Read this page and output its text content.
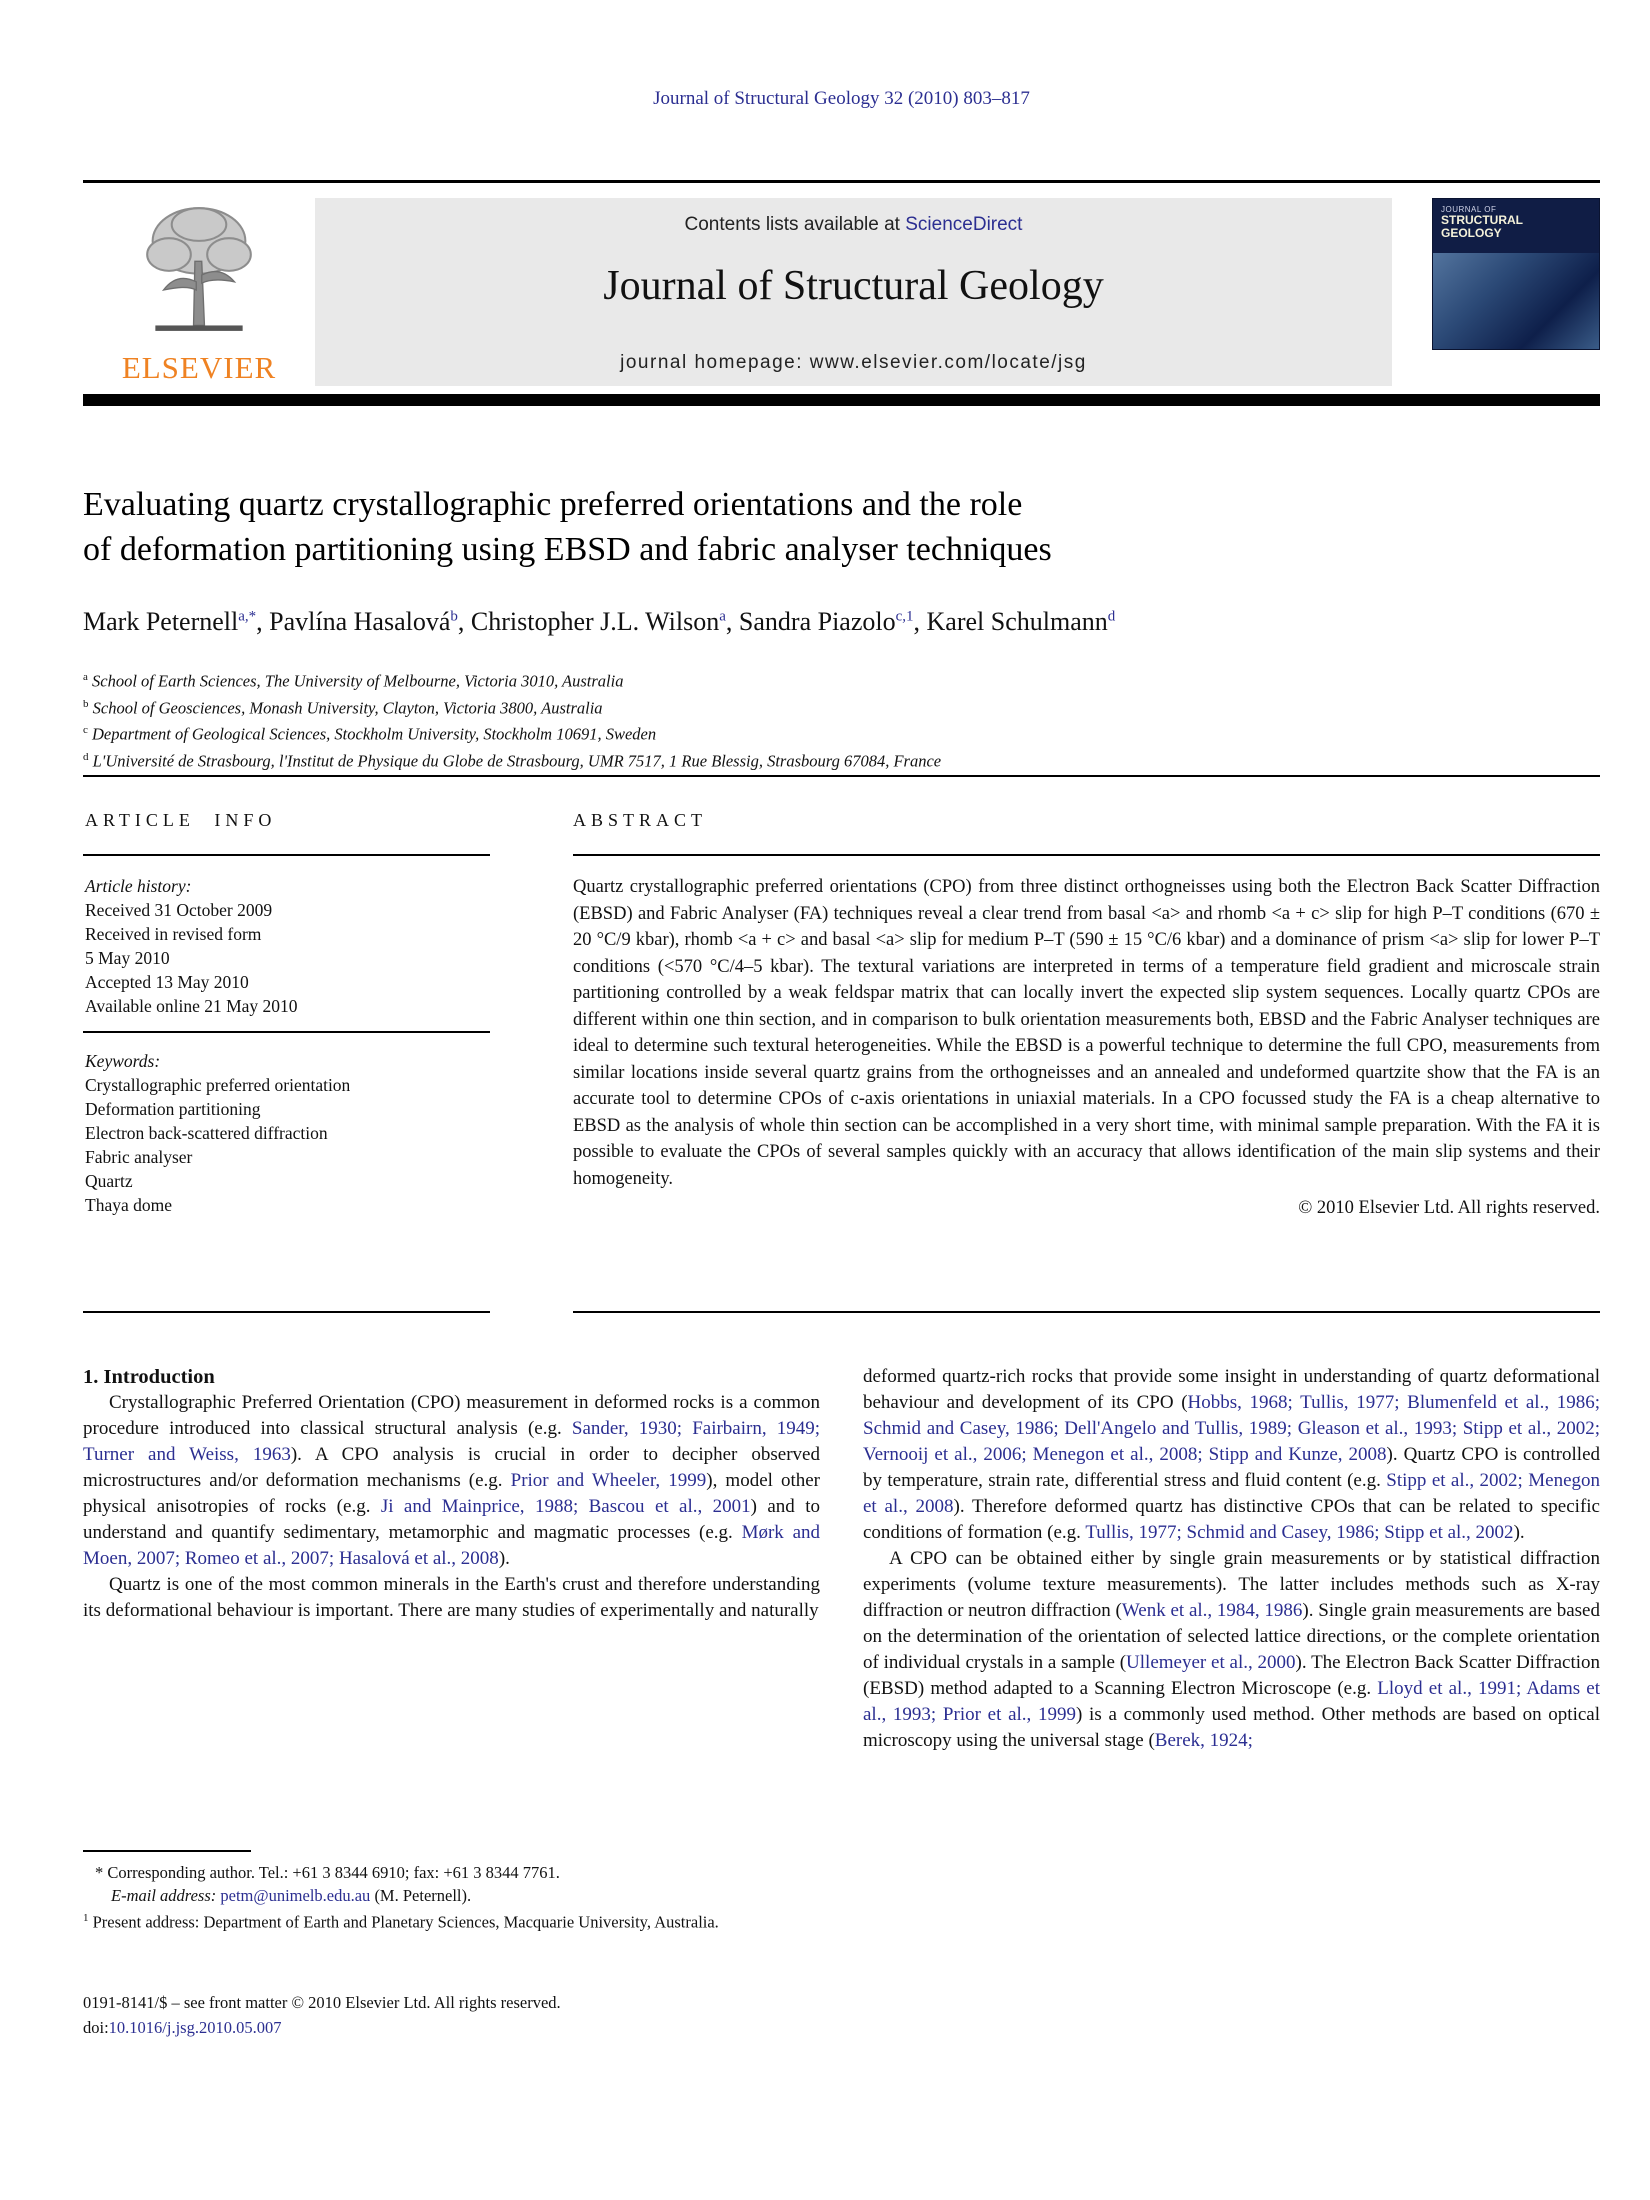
Journal of Structural Geology 32 (2010) 803–817
ELSEVIER
Contents lists available at ScienceDirect
Journal of Structural Geology
journal homepage: www.elsevier.com/locate/jsg
JOURNAL OF
STRUCTURAL
GEOLOGY
Evaluating quartz crystallographic preferred orientations and the role
of deformation partitioning using EBSD and fabric analyser techniques
Mark Peternell$^{a,*}$, Pavlína Hasalová$^b$, Christopher J.L. Wilson$^a$, Sandra Piazolo$^{c,1}$, Karel Schulmann$^d$
$^a$ School of Earth Sciences, The University of Melbourne, Victoria 3010, Australia
$^b$ School of Geosciences, Monash University, Clayton, Victoria 3800, Australia
$^c$ Department of Geological Sciences, Stockholm University, Stockholm 10691, Sweden
$^d$ L'Université de Strasbourg, l'Institut de Physique du Globe de Strasbourg, UMR 7517, 1 Rue Blessig, Strasbourg 67084, France
ARTICLE INFO	ABSTRACT
Article history:
Received 31 October 2009
Received in revised form
5 May 2010
Accepted 13 May 2010
Available online 21 May 2010
Keywords:
Crystallographic preferred orientation
Deformation partitioning
Electron back-scattered diffraction
Fabric analyser
Quartz
Thaya dome
Quartz crystallographic preferred orientations (CPO) from three distinct orthogneisses using both the Electron Back Scatter Diffraction (EBSD) and Fabric Analyser (FA) techniques reveal a clear trend from basal <a> and rhomb <a + c> slip for high P–T conditions (670 ± 20 °C/9 kbar), rhomb <a + c> and basal <a> slip for medium P–T (590 ± 15 °C/6 kbar) and a dominance of prism <a> slip for lower P–T conditions (<570 °C/4–5 kbar). The textural variations are interpreted in terms of a temperature field gradient and microscale strain partitioning controlled by a weak feldspar matrix that can locally invert the expected slip system sequences. Locally quartz CPOs are different within one thin section, and in comparison to bulk orientation measurements both, EBSD and the Fabric Analyser techniques are ideal to determine such textural heterogeneities. While the EBSD is a powerful technique to determine the full CPO, measurements from similar locations inside several quartz grains from the orthogneisses and an annealed and undeformed quartzite show that the FA is an accurate tool to determine CPOs of c-axis orientations in uniaxial materials. In a CPO focussed study the FA is a cheap alternative to EBSD as the analysis of whole thin section can be accomplished in a very short time, with minimal sample preparation. With the FA it is possible to evaluate the CPOs of several samples quickly with an accuracy that allows identification of the main slip systems and their homogeneity.
© 2010 Elsevier Ltd. All rights reserved.

1. Introduction

Crystallographic Preferred Orientation (CPO) measurement in deformed rocks is a common procedure introduced into classical structural analysis (e.g. Sander, 1930; Fairbairn, 1949; Turner and Weiss, 1963). A CPO analysis is crucial in order to decipher observed microstructures and/or deformation mechanisms (e.g. Prior and Wheeler, 1999), model other physical anisotropies of rocks (e.g. Ji and Mainprice, 1988; Bascou et al., 2001) and to understand and quantify sedimentary, metamorphic and magmatic processes (e.g. Mørk and Moen, 2007; Romeo et al., 2007; Hasalová et al., 2008).

Quartz is one of the most common minerals in the Earth's crust and therefore understanding its deformational behaviour is important. There are many studies of experimentally and naturally

deformed quartz-rich rocks that provide some insight in understanding of quartz deformational behaviour and development of its CPO (Hobbs, 1968; Tullis, 1977; Blumenfeld et al., 1986; Schmid and Casey, 1986; Dell'Angelo and Tullis, 1989; Gleason et al., 1993; Stipp et al., 2002; Vernooij et al., 2006; Menegon et al., 2008; Stipp and Kunze, 2008). Quartz CPO is controlled by temperature, strain rate, differential stress and fluid content (e.g. Stipp et al., 2002; Menegon et al., 2008). Therefore deformed quartz has distinctive CPOs that can be related to specific conditions of formation (e.g. Tullis, 1977; Schmid and Casey, 1986; Stipp et al., 2002).

A CPO can be obtained either by single grain measurements or by statistical diffraction experiments (volume texture measurements). The latter includes methods such as X-ray diffraction or neutron diffraction (Wenk et al., 1984, 1986). Single grain measurements are based on the determination of the orientation of selected lattice directions, or the complete orientation of individual crystals in a sample (Ullemeyer et al., 2000). The Electron Back Scatter Diffraction (EBSD) method adapted to a Scanning Electron Microscope (e.g. Lloyd et al., 1991; Adams et al., 1993; Prior et al., 1999) is a commonly used method. Other methods are based on optical microscopy using the universal stage (Berek, 1924;

* Corresponding author. Tel.: +61 3 8344 6910; fax: +61 3 8344 7761.
E-mail address: petm@unimelb.edu.au (M. Peternell).
$^1$ Present address: Department of Earth and Planetary Sciences, Macquarie University, Australia.
0191-8141/$ – see front matter © 2010 Elsevier Ltd. All rights reserved.
doi:10.1016/j.jsg.2010.05.007
